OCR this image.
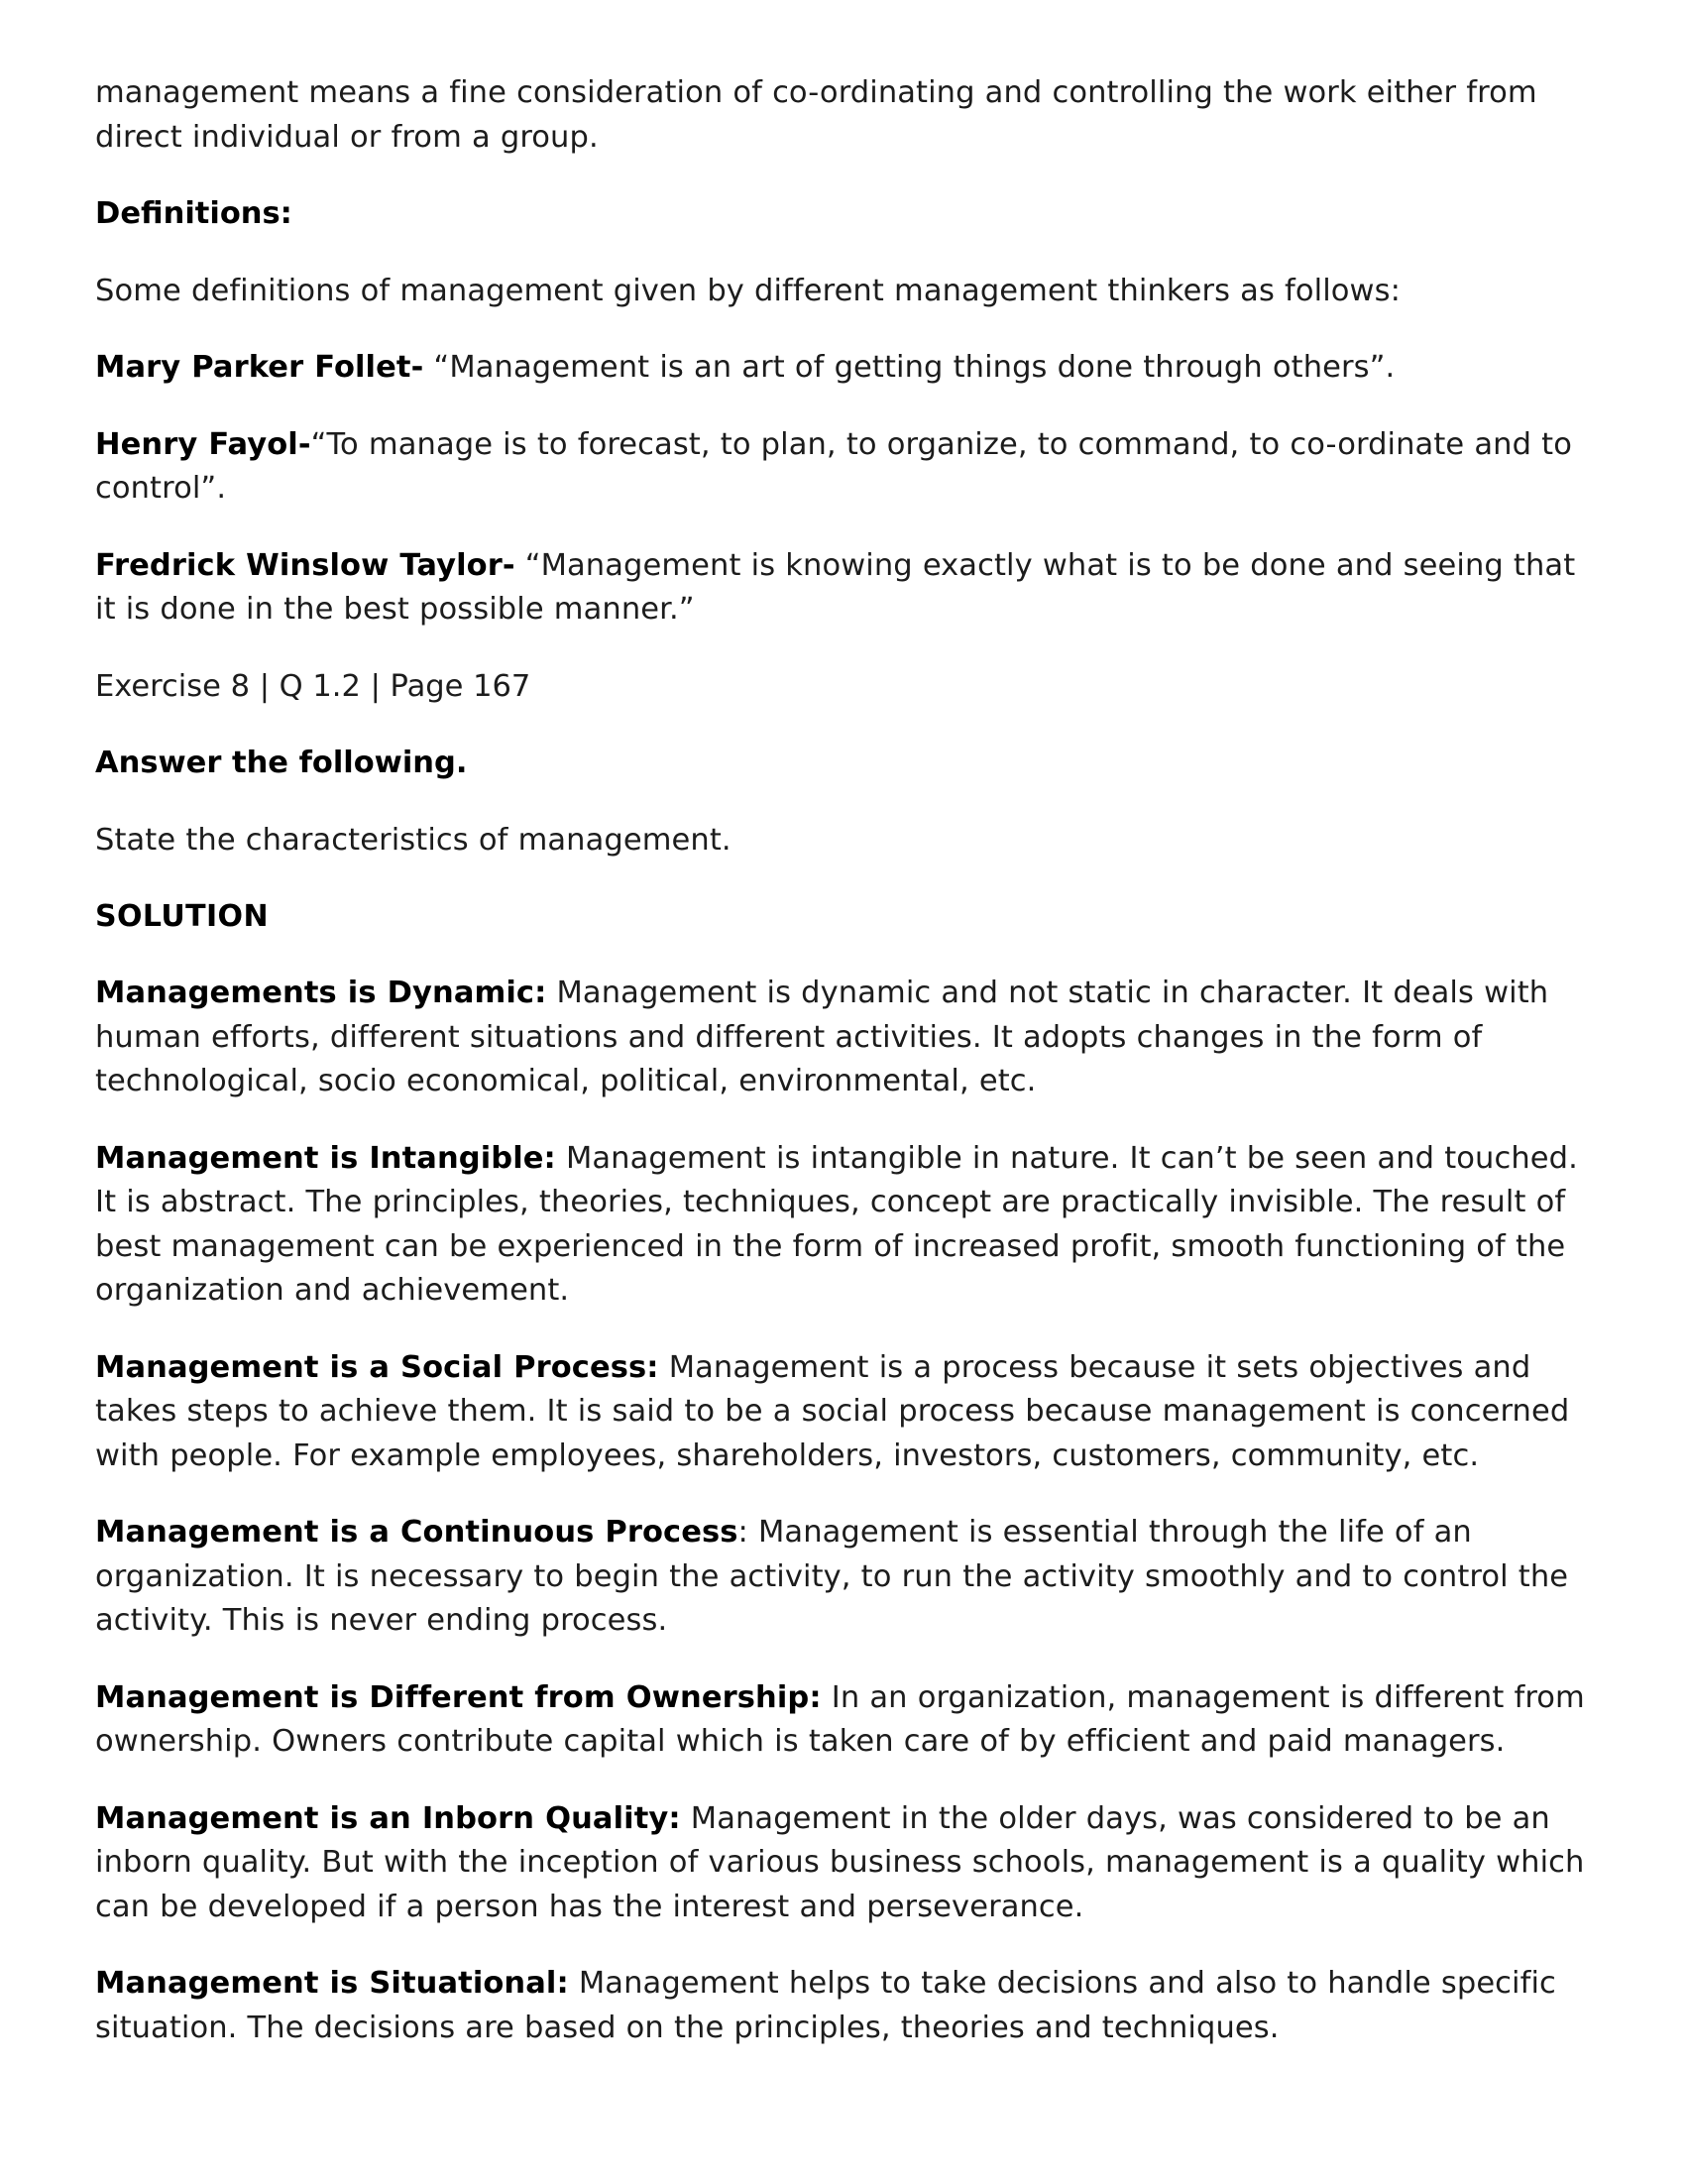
management means a fine consideration of co-ordinating and controlling the work either from direct individual or from a group.

Definitions:

Some definitions of management given by different management thinkers as follows:

Mary Parker Follet- “Management is an art of getting things done through others”.

Henry Fayol-“To manage is to forecast, to plan, to organize, to command, to co-ordinate and to control”.

Fredrick Winslow Taylor- “Management is knowing exactly what is to be done and seeing that it is done in the best possible manner.”

Exercise 8 | Q 1.2 | Page 167

Answer the following.

State the characteristics of management.

SOLUTION

Managements is Dynamic: Management is dynamic and not static in character. It deals with human efforts, different situations and different activities. It adopts changes in the form of technological, socio economical, political, environmental, etc.

Management is Intangible: Management is intangible in nature. It can’t be seen and touched. It is abstract. The principles, theories, techniques, concept are practically invisible. The result of best management can be experienced in the form of increased profit, smooth functioning of the organization and achievement.

Management is a Social Process: Management is a process because it sets objectives and takes steps to achieve them. It is said to be a social process because management is concerned with people. For example employees, shareholders, investors, customers, community, etc.

Management is a Continuous Process: Management is essential through the life of an organization. It is necessary to begin the activity, to run the activity smoothly and to control the activity. This is never ending process.

Management is Different from Ownership: In an organization, management is different from ownership. Owners contribute capital which is taken care of by efficient and paid managers.

Management is an Inborn Quality: Management in the older days, was considered to be an inborn quality. But with the inception of various business schools, management is a quality which can be developed if a person has the interest and perseverance.

Management is Situational: Management helps to take decisions and also to handle specific situation. The decisions are based on the principles, theories and techniques.
